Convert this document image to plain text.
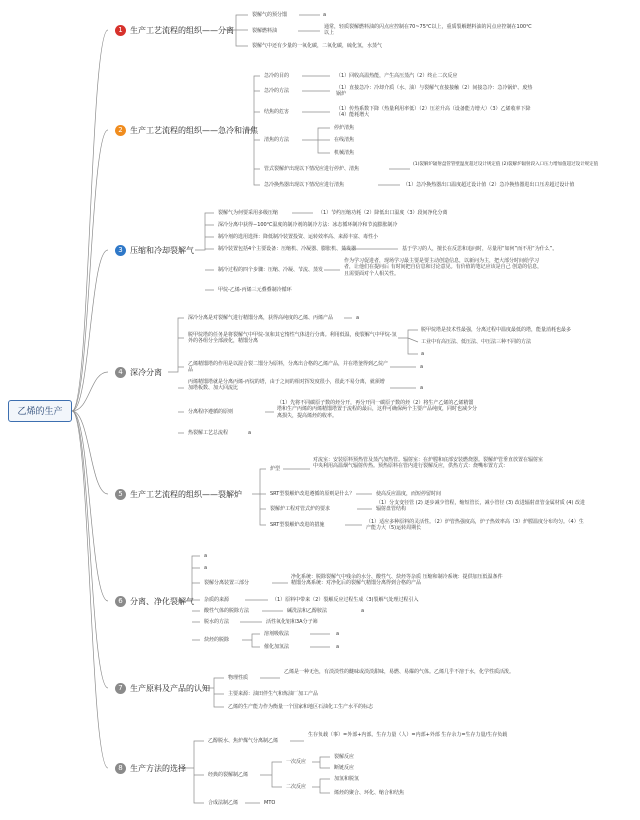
乙烯的生产
1 生产工艺流程的组织——分离
2 生产工艺流程的组织——急冷和清焦
3 压缩和冷却裂解气
4 深冷分离
5 生产工艺流程的组织——裂解炉
6 分离、净化裂解气
7 生产原料及产品的认知
8 生产方法的选择
裂解气的预分馏	a
裂解燃料油
通常，轻质裂解燃料油的闪点应控制在70~75℃以上，重质裂解燃料油的闪点应控制在100℃以上
裂解气中还有少量的一氧化碳，二氧化碳，硫化氢，水蒸气
急冷的目的	（1）回收高温热能，产生高压蒸汽（2）终止二次反应
急冷的方法	（1）直接急冷：冷却介质（水、油）与裂解气直接接触（2）间接急冷：急冷锅炉、废热锅炉
结焦的危害	（1）传热系数下降（热量利用率低）（2）压差升高（设备能力增大）（3）乙烯收率下降（4）能耗增大
清焦的方法
停炉清焦
在线清焦
机械清焦
管式裂解炉出现以下情况应进行停炉、清焦
(1)裂解炉辐射盘管管壁温度超过设计规定值 (2)裂解炉辐射段入口压力增加值超过设计规定值
急冷换热器出现以下情况应进行清焦	（1）急冷换热器出口温度超过设计值（2）急冷换热器进出口压差超过设计值
裂解气为何要采用多级压缩	（1）节约压缩功耗（2）降低出口温度（3）段间净化分离
深冷分离中获得−100℃温度的制冷剂的制冷方法：冰态循环制冷和节流膨胀制冷
制冷剂的选用选择：降低制冷装置投资、运转效率高、来源丰富、毒性小
制冷装置包括4个主要设备：压缩机、冷凝器、膨胀机、蒸发器	基于学习的人，擅长在反思和追问时，尽量用“如何”而不用“为什么”。
制冷过程的四个步骤：压缩、冷凝、节流、蒸发
作为学习促进者，现场学习最主要是要主动创造信息，以新问为主，把大部分时间给学习者，让他们在提问后 有时间把自信息和讨论意见。有价值的笔记应该是自己 创造的信息，且需要面对个人相关性。
甲烷-乙烯-丙烯三元叠叠制冷循环
深冷分离是对裂解气进行精馏分离，获得高纯度的乙烯、丙烯产品	a
脱甲烷塔的任务是将裂解气中甲烷-氢和其它惰性气体进行分离。利用低温，使裂解气中甲烷-氢外的各组分全部液化，精馏分离
脱甲烷塔是技术性最强，分离过程中温度最低的塔，能量消耗也最多
工业中有高压法、低压法、中压法三种不同的方法
a
乙烯精馏塔的作用是以混合裂二馏分为原料，分离出合格的乙烯产品，并在塔釜得到乙烷产品
a
丙烯精馏塔就是分离丙烯-丙烷的塔，由于之间的相对挥发度很小，很此不易分离，就须增加塔板数、加大回流比	a
分离程序遵循的原则
（1）先将不同碳原子数的烃分开，再分开同一碳原子数的烃（2）将生产乙烯的乙烯精馏塔和生产丙烯的丙烯精馏塔置于流程的最后，这样可确保两个主要产品纯度，同时也减少分离损失，提高烯烃的收率。
热裂解工艺总流程	a
炉型
对流室：安装原料预热管及蒸汽加热管。辐射室：在炉膛和底部安装燃烧器。裂解炉管垂直放置在辐射室中央利用高温烟气辐射传热。预热原料在管内进行裂解反应，供热方式：烧嘴布置方式：
SRT型裂解炉改进遵循的原则是什么？	使高反应温度，而短停留时间
裂解炉工程对管式炉的要求
（1）分支变径管 (2) 逐步减少管程，缩短管长，减小管径 (3) 改进辐射盘管金属材质 (4) 改进辐射盘管结构
SRT型裂解炉改进的措施	（1）适应多种原料的灵活性。（2）炉管热强度高，炉子热效率高（3）炉膛温度分布均匀。（4）生产能力大（5)运转周期长
a
a
裂解分离装置三部分
净化系统：脱除裂解气中残余的水分、酸性气、炔烃等杂质 压缩和制冷系统：提供加压低温条件 精馏分离系统：对净化后的裂解气精馏分离得到合格的产品
杂质的来源	（1）原料中带来（2）裂解反应过程生成（3)裂解气处理过程引入
酸性气体的脱除方法	碱洗法和乙醇胺法	a
脱水的方法	活性氧化铝和3A分子筛
炔烃的脱除
溶剂吸收法	a
催化加氢法	a
物理性质
乙烯是一种无色，有淡淡性的醚味或淡淡甜味，易燃、易爆的气体。乙烯几乎不溶于水，化学性质活泼。
主要来源：油田伴生气和炼油厂加工产品
乙烯的生产能力作为衡量一个国家和地区石油化工生产水平的标志
乙醇脱水、焦炉煤气分离制乙烯
生存负载（事）=外部+内部。生存力量（人）=内部+外部 生存余力=生存力量/生存负载
经典的裂解制乙烯
一次反应
裂解反应
断链反应
二次反应
加氢和脱氢
烯烃的聚合、环化、缩合和结焦
合成法制乙烯	MTO
